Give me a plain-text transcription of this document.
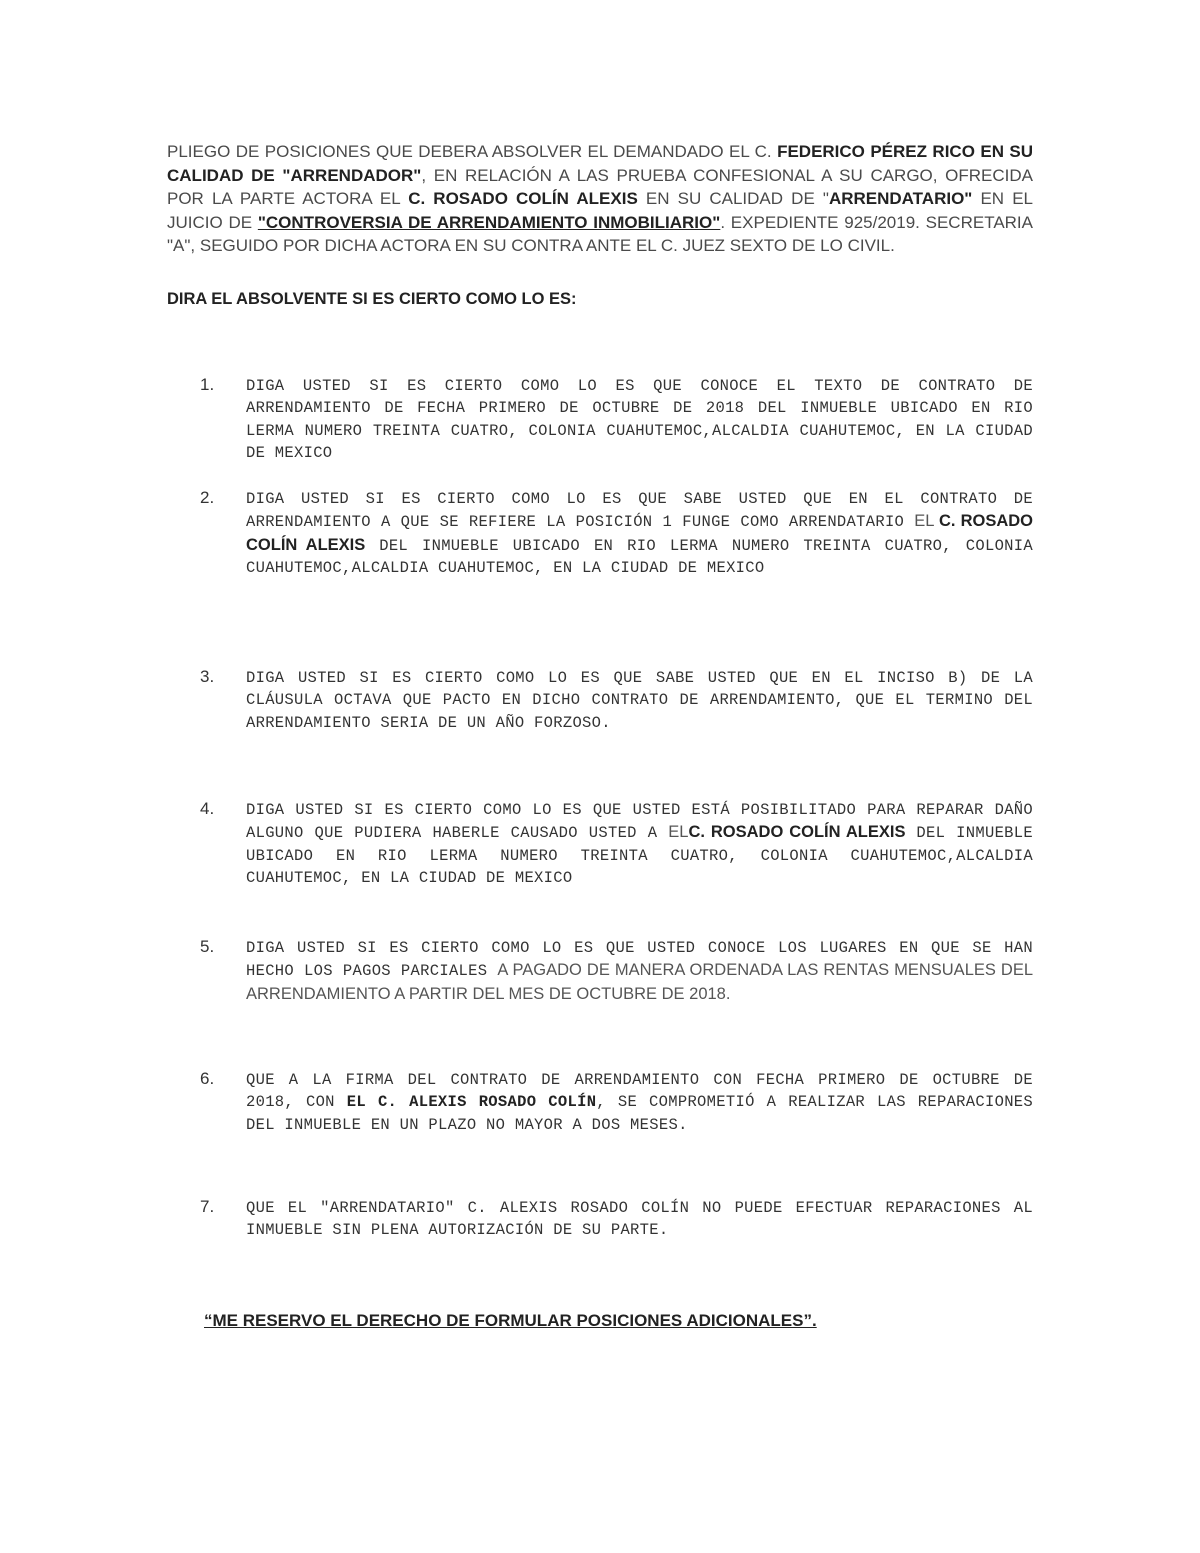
PLIEGO DE POSICIONES QUE DEBERA ABSOLVER EL DEMANDADO EL C. FEDERICO PÉREZ RICO EN SU CALIDAD DE "ARRENDADOR", EN RELACIÓN A LAS PRUEBA CONFESIONAL A SU CARGO, OFRECIDA POR LA PARTE ACTORA EL C. ROSADO COLÍN ALEXIS EN SU CALIDAD DE "ARRENDATARIO" EN EL JUICIO DE "CONTROVERSIA DE ARRENDAMIENTO INMOBILIARIO". EXPEDIENTE 925/2019. SECRETARIA "A", SEGUIDO POR DICHA ACTORA EN SU CONTRA ANTE EL C. JUEZ SEXTO DE LO CIVIL.
DIRA EL ABSOLVENTE SI ES CIERTO COMO LO ES:
1. DIGA USTED SI ES CIERTO COMO LO ES QUE CONOCE EL TEXTO DE CONTRATO DE ARRENDAMIENTO DE FECHA PRIMERO DE OCTUBRE DE 2018 DEL INMUEBLE UBICADO EN RIO LERMA NUMERO TREINTA CUATRO, COLONIA CUAHUTEMOC,ALCALDIA CUAHUTEMOC, EN LA CIUDAD DE MEXICO
2. DIGA USTED SI ES CIERTO COMO LO ES QUE SABE USTED QUE EN EL CONTRATO DE ARRENDAMIENTO A QUE SE REFIERE LA POSICIÓN 1 FUNGE COMO ARRENDATARIO EL C. ROSADO COLÍN ALEXIS DEL INMUEBLE UBICADO EN RIO LERMA NUMERO TREINTA CUATRO, COLONIA CUAHUTEMOC,ALCALDIA CUAHUTEMOC, EN LA CIUDAD DE MEXICO
3. DIGA USTED SI ES CIERTO COMO LO ES QUE SABE USTED QUE EN EL INCISO B) DE LA CLÁUSULA OCTAVA QUE PACTO EN DICHO CONTRATO DE ARRENDAMIENTO, QUE EL TERMINO DEL ARRENDAMIENTO SERIA DE UN AÑO FORZOSO.
4. DIGA USTED SI ES CIERTO COMO LO ES QUE USTED ESTÁ POSIBILITADO PARA REPARAR DAÑO ALGUNO QUE PUDIERA HABERLE CAUSADO USTED A ELC. ROSADO COLÍN ALEXIS DEL INMUEBLE UBICADO EN RIO LERMA NUMERO TREINTA CUATRO, COLONIA CUAHUTEMOC,ALCALDIA CUAHUTEMOC, EN LA CIUDAD DE MEXICO
5. DIGA USTED SI ES CIERTO COMO LO ES QUE USTED CONOCE LOS LUGARES EN QUE SE HAN HECHO LOS PAGOS PARCIALES A PAGADO DE MANERA ORDENADA LAS RENTAS MENSUALES DEL ARRENDAMIENTO A PARTIR DEL MES DE OCTUBRE DE 2018.
6. QUE A LA FIRMA DEL CONTRATO DE ARRENDAMIENTO CON FECHA PRIMERO DE OCTUBRE DE 2018, CON EL C. ALEXIS ROSADO COLÍN, SE COMPROMETIÓ A REALIZAR LAS REPARACIONES DEL INMUEBLE EN UN PLAZO NO MAYOR A DOS MESES.
7. QUE EL "ARRENDATARIO" C. ALEXIS ROSADO COLÍN NO PUEDE EFECTUAR REPARACIONES AL INMUEBLE SIN PLENA AUTORIZACIÓN DE SU PARTE.
“ME RESERVO EL DERECHO DE FORMULAR POSICIONES ADICIONALES”.
